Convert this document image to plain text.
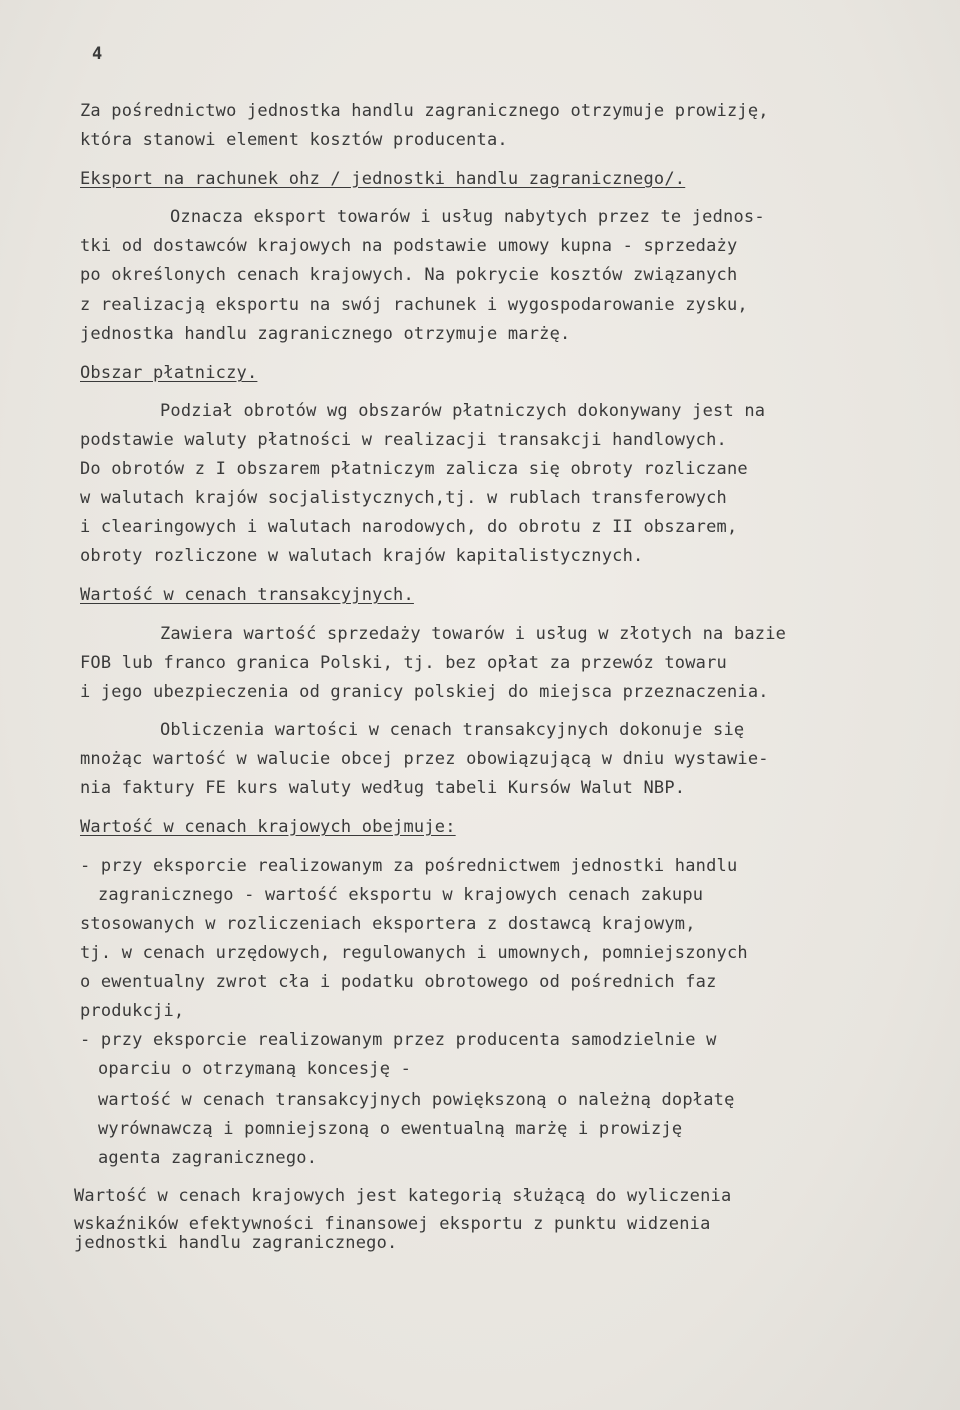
4
Za pośrednictwo jednostka handlu zagranicznego otrzymuje prowizję,
która stanowi element kosztów producenta.
Eksport na rachunek ohz / jednostki handlu zagranicznego/.
Oznacza eksport towarów i usług nabytych przez te jednos-
tki od dostawców krajowych na podstawie umowy kupna - sprzedaży
po określonych cenach krajowych. Na pokrycie kosztów związanych
z realizacją eksportu na swój rachunek i wygospodarowanie zysku,
jednostka handlu zagranicznego otrzymuje marżę.
Obszar płatniczy.
Podział obrotów wg obszarów płatniczych dokonywany jest na
podstawie waluty płatności w realizacji transakcji handlowych.
Do obrotów z I obszarem płatniczym zalicza się obroty rozliczane
w walutach krajów socjalistycznych,tj. w rublach transferowych
i clearingowych i walutach narodowych, do obrotu z II obszarem,
obroty rozliczone w walutach krajów kapitalistycznych.
Wartość w cenach transakcyjnych.
Zawiera wartość sprzedaży towarów i usług w złotych na bazie
FOB lub franco granica Polski, tj. bez opłat za przewóz towaru
i jego ubezpieczenia od granicy polskiej do miejsca przeznaczenia.
Obliczenia wartości w cenach transakcyjnych dokonuje się
mnożąc wartość w walucie obcej przez obowiązującą w dniu wystawie-
nia faktury FE kurs waluty według tabeli Kursów Walut NBP.
Wartość w cenach krajowych obejmuje:
- przy eksporcie realizowanym za pośrednictwem jednostki handlu
zagranicznego - wartość eksportu w krajowych cenach zakupu
stosowanych w rozliczeniach eksportera z dostawcą krajowym,
tj. w cenach urzędowych, regulowanych i umownych, pomniejszonych
o ewentualny zwrot cła i podatku obrotowego od pośrednich faz
produkcji,
- przy eksporcie realizowanym przez producenta samodzielnie w
oparciu o otrzymaną koncesję -
wartość w cenach transakcyjnych powiększoną o należną dopłatę
wyrównawczą i pomniejszoną o ewentualną marżę i prowizję
agenta zagranicznego.
Wartość w cenach krajowych jest kategorią służącą do wyliczenia
wskaźników efektywności finansowej eksportu z punktu widzenia
jednostki handlu zagranicznego.
